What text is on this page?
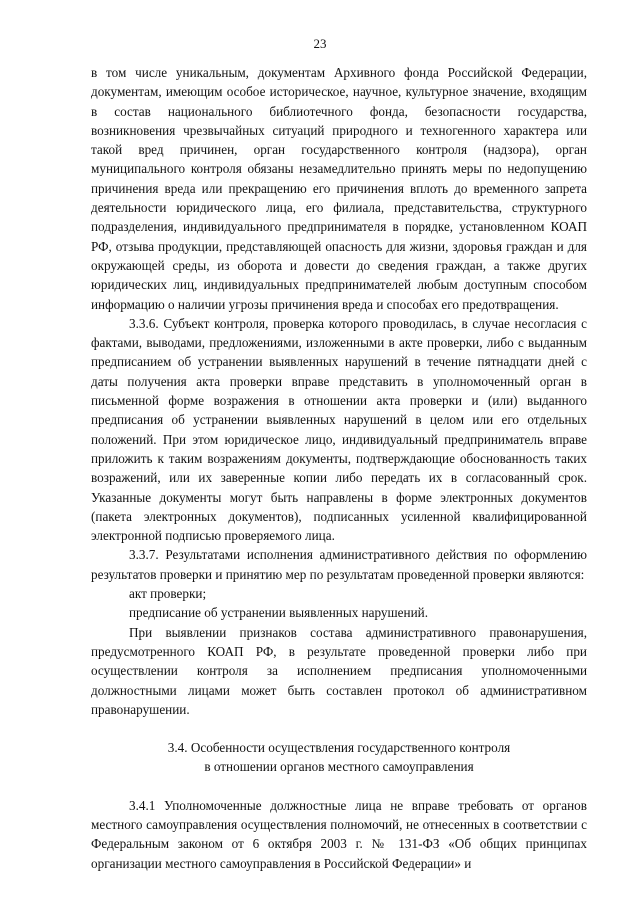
23

в том числе уникальным, документам Архивного фонда Российской Федерации, документам, имеющим особое историческое, научное, культурное значение, входящим в состав национального библиотечного фонда, безопасности государства, возникновения чрезвычайных ситуаций природного и техногенного характера или такой вред причинен, орган государственного контроля (надзора), орган муниципального контроля обязаны незамедлительно принять меры по недопущению причинения вреда или прекращению его причинения вплоть до временного запрета деятельности юридического лица, его филиала, представительства, структурного подразделения, индивидуального предпринимателя в порядке, установленном КОАП РФ, отзыва продукции, представляющей опасность для жизни, здоровья граждан и для окружающей среды, из оборота и довести до сведения граждан, а также других юридических лиц, индивидуальных предпринимателей любым доступным способом информацию о наличии угрозы причинения вреда и способах его предотвращения.

3.3.6. Субъект контроля, проверка которого проводилась, в случае несогласия с фактами, выводами, предложениями, изложенными в акте проверки, либо с выданным предписанием об устранении выявленных нарушений в течение пятнадцати дней с даты получения акта проверки вправе представить в уполномоченный орган в письменной форме возражения в отношении акта проверки и (или) выданного предписания об устранении выявленных нарушений в целом или его отдельных положений. При этом юридическое лицо, индивидуальный предприниматель вправе приложить к таким возражениям документы, подтверждающие обоснованность таких возражений, или их заверенные копии либо передать их в согласованный срок. Указанные документы могут быть направлены в форме электронных документов (пакета электронных документов), подписанных усиленной квалифицированной электронной подписью проверяемого лица.

3.3.7. Результатами исполнения административного действия по оформлению результатов проверки и принятию мер по результатам проведенной проверки являются:

акт проверки;

предписание об устранении выявленных нарушений.

При выявлении признаков состава административного правонарушения, предусмотренного КОАП РФ, в результате проведенной проверки либо при осуществлении контроля за исполнением предписания уполномоченными должностными лицами может быть составлен протокол об административном правонарушении.

3.4. Особенности осуществления государственного контроля

в отношении органов местного самоуправления

3.4.1 Уполномоченные должностные лица не вправе требовать от органов местного самоуправления осуществления полномочий, не отнесенных в соответствии с Федеральным законом от 6 октября 2003 г. № 131-ФЗ «Об общих принципах организации местного самоуправления в Российской Федерации» и
